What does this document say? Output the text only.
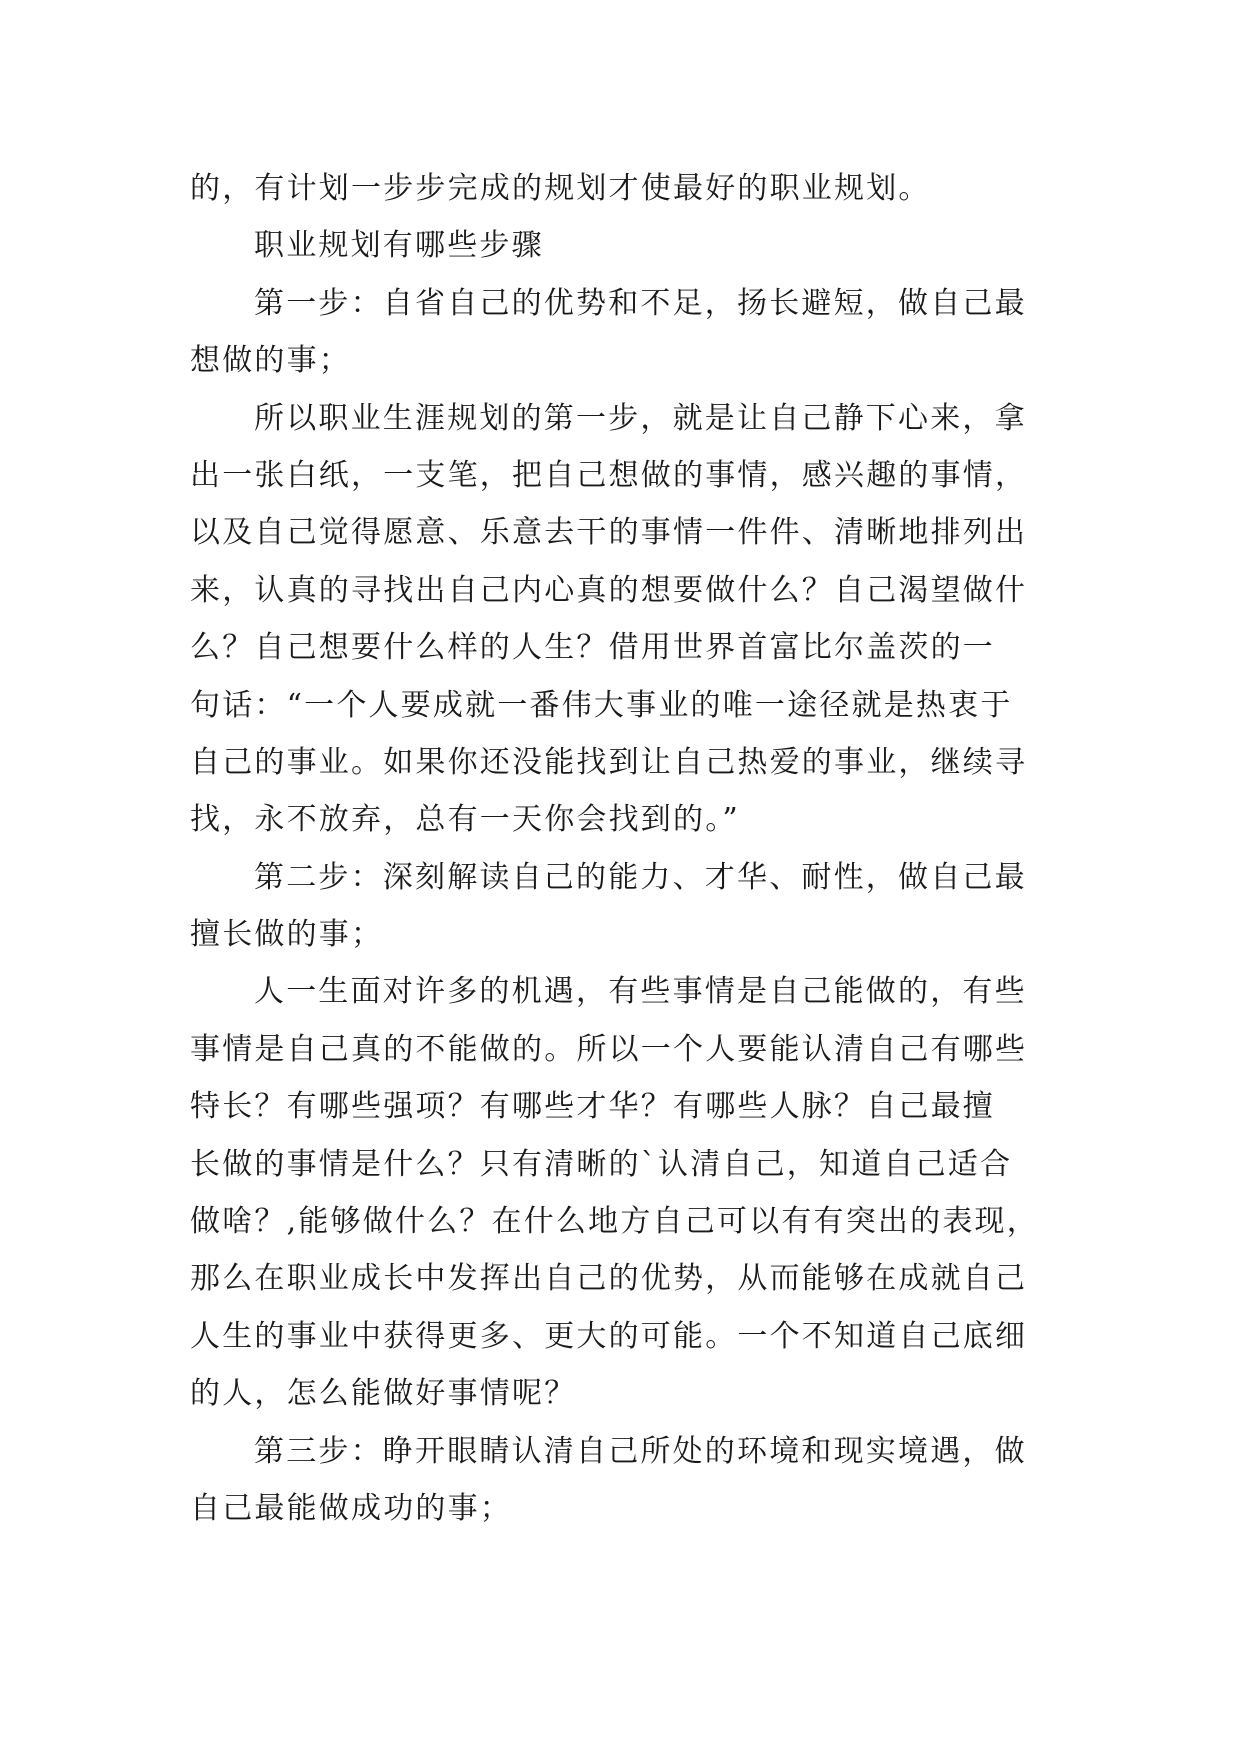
的，有计划一步步完成的规划才使最好的职业规划。
职业规划有哪些步骤
第一步：自省自己的优势和不足，扬长避短，做自己最
想做的事；
所以职业生涯规划的第一步，就是让自己静下心来，拿
出一张白纸，一支笔，把自己想做的事情，感兴趣的事情，
以及自己觉得愿意、乐意去干的事情一件件、清晰地排列出
来，认真的寻找出自己内心真的想要做什么？自己渴望做什
么？自己想要什么样的人生？借用世界首富比尔盖茨的一
句话：“一个人要成就一番伟大事业的唯一途径就是热衷于
自己的事业。如果你还没能找到让自己热爱的事业，继续寻
找，永不放弃，总有一天你会找到的。”
第二步：深刻解读自己的能力、才华、耐性，做自己最
擅长做的事；
人一生面对许多的机遇，有些事情是自己能做的，有些
事情是自己真的不能做的。所以一个人要能认清自己有哪些
特长？有哪些强项？有哪些才华？有哪些人脉？自己最擅
长做的事情是什么？只有清晰的`认清自己，知道自己适合
做啥？,能够做什么？在什么地方自己可以有有突出的表现，
那么在职业成长中发挥出自己的优势，从而能够在成就自己
人生的事业中获得更多、更大的可能。一个不知道自己底细
的人，怎么能做好事情呢？
第三步：睁开眼睛认清自己所处的环境和现实境遇，做
自己最能做成功的事；
